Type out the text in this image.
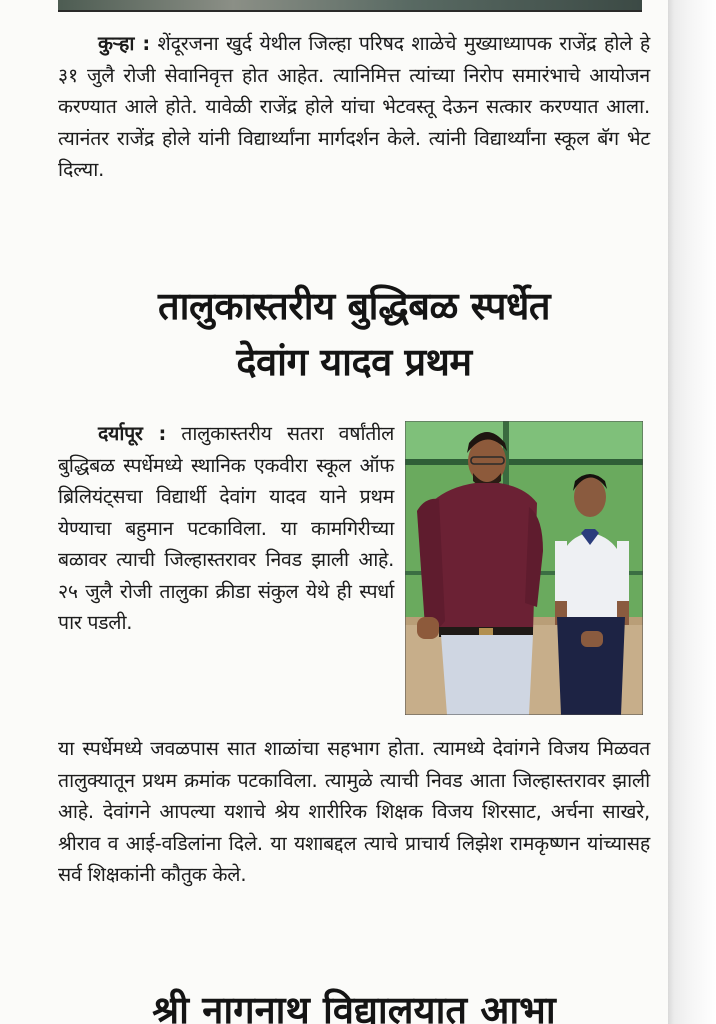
कुऱ्हा : शेंदूरजना खुर्द येथील जिल्हा परिषद शाळेचे मुख्याध्यापक राजेंद्र होले हे ३१ जुलै रोजी सेवानिवृत्त होत आहेत. त्यानिमित्त त्यांच्या निरोप समारंभाचे आयोजन करण्यात आले होते. यावेळी राजेंद्र होले यांचा भेटवस्तू देऊन सत्कार करण्यात आला. त्यानंतर राजेंद्र होले यांनी विद्यार्थ्यांना मार्गदर्शन केले. त्यांनी विद्यार्थ्यांना स्कूल बॅग भेट दिल्या.

तालुकास्तरीय बुद्धिबळ स्पर्धेत
देवांग यादव प्रथम

दर्यापूर : तालुकास्तरीय सतरा वर्षांतील बुद्धिबळ स्पर्धेमध्ये स्थानिक एकवीरा स्कूल ऑफ ब्रिलियंट्सचा विद्यार्थी देवांग यादव याने प्रथम येण्याचा बहुमान पटकाविला. या कामगिरीच्या बळावर त्याची जिल्हास्तरावर निवड झाली आहे. २५ जुलै रोजी तालुका क्रीडा संकुल येथे ही स्पर्धा पार पडली.

या स्पर्धेमध्ये जवळपास सात शाळांचा सहभाग होता. त्यामध्ये देवांगने विजय मिळवत तालुक्यातून प्रथम क्रमांक पटकाविला. त्यामुळे त्याची निवड आता जिल्हास्तरावर झाली आहे. देवांगने आपल्या यशाचे श्रेय शारीरिक शिक्षक विजय शिरसाट, अर्चना साखरे, श्रीराव व आई-वडिलांना दिले. या यशाबद्दल त्याचे प्राचार्य लिझेश रामकृष्णन यांच्यासह सर्व शिक्षकांनी कौतुक केले.

श्री नागनाथ विद्यालयात आभा
